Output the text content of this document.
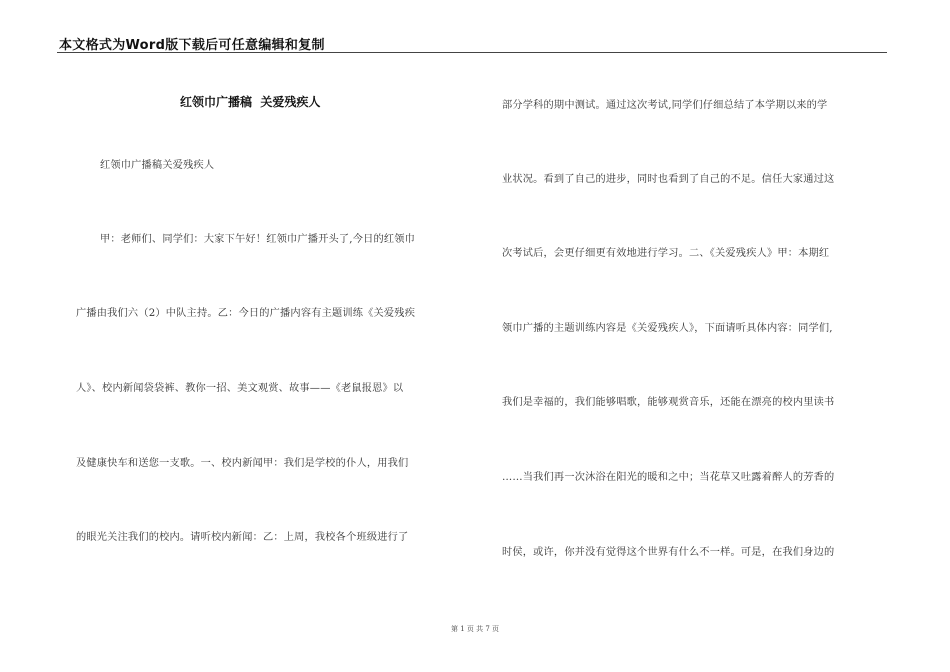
本文格式为Word版下载后可任意编辑和复制
红领巾广播稿  关爱残疾人
红领巾广播稿关爱残疾人
甲：老师们、同学们：大家下午好！红领巾广播开头了,今日的红领巾
广播由我们六（2）中队主持。乙：今日的广播内容有主题训练《关爱残疾
人》、校内新闻袋袋裤、教你一招、美文观赏、故事——《老鼠报恩》以
及健康快车和送您一支歌。一、校内新闻甲：我们是学校的仆人，用我们
的眼光关注我们的校内。请听校内新闻：乙：上周，我校各个班级进行了
部分学科的期中测试。通过这次考试,同学们仔细总结了本学期以来的学
业状况。看到了自己的进步，同时也看到了自己的不足。信任大家通过这
次考试后，会更仔细更有效地进行学习。二、《关爱残疾人》甲：本期红
领巾广播的主题训练内容是《关爱残疾人》，下面请听具体内容：同学们,
我们是幸福的，我们能够唱歌，能够观赏音乐，还能在漂亮的校内里读书
……当我们再一次沐浴在阳光的暖和之中；当花草又吐露着醉人的芳香的
时侯，或许，你并没有觉得这个世界有什么不一样。可是，在我们身边的
第 1 页 共 7 页
